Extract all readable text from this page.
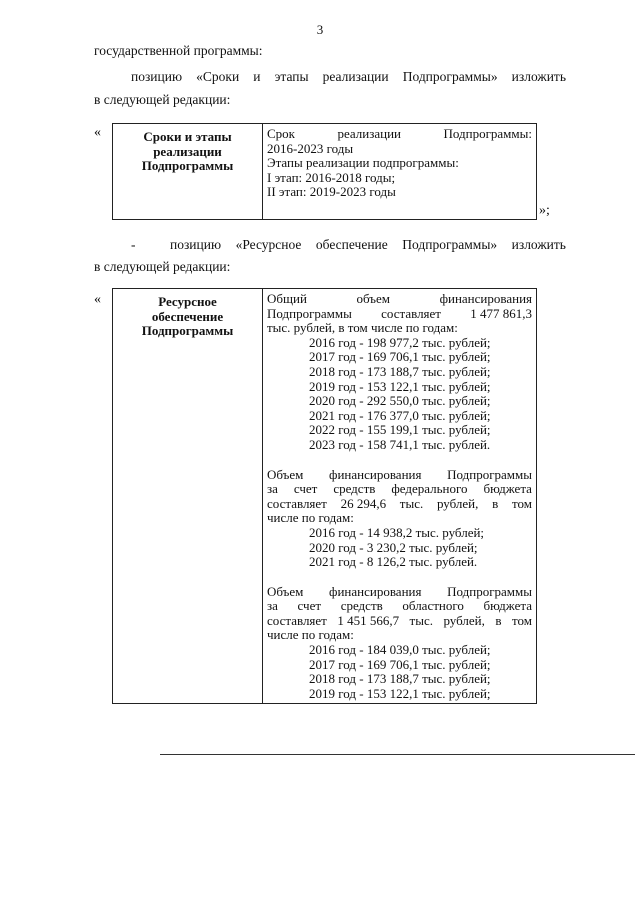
3
государственной программы:
позицию «Сроки и этапы реализации Подпрограммы» изложить
в следующей редакции:
«	Сроки и этапы
реализации
Подпрограммы

Срок	реализации	Подпрограммы:
2016-2023 годы
Этапы реализации подпрограммы:
I этап: 2016-2018 годы;
II этап: 2019-2023 годы
»;
-	позицию «Ресурсное обеспечение Подпрограммы» изложить
в следующей редакции:
«	Ресурсное
обеспечение
Подпрограммы

Общий	объем	финансирования
Подпрограммы составляет 1 477 861,3
тыс. рублей, в том числе по годам:
2016 год - 198 977,2 тыс. рублей;
2017 год - 169 706,1 тыс. рублей;
2018 год - 173 188,7 тыс. рублей;
2019 год - 153 122,1 тыс. рублей;
2020 год - 292 550,0 тыс. рублей;
2021 год - 176 377,0 тыс. рублей;
2022 год - 155 199,1 тыс. рублей;
2023 год - 158 741,1 тыс. рублей.
Объем финансирования Подпрограммы
за счет средств федерального бюджета
составляет 26 294,6 тыс. рублей, в том
числе по годам:
2016 год - 14 938,2 тыс. рублей;
2020 год - 3 230,2 тыс. рублей;
2021 год - 8 126,2 тыс. рублей.
Объем финансирования Подпрограммы
за счет средств областного бюджета
составляет 1 451 566,7 тыс. рублей, в том
числе по годам:
2016 год - 184 039,0 тыс. рублей;
2017 год - 169 706,1 тыс. рублей;
2018 год - 173 188,7 тыс. рублей;
2019 год - 153 122,1 тыс. рублей;
